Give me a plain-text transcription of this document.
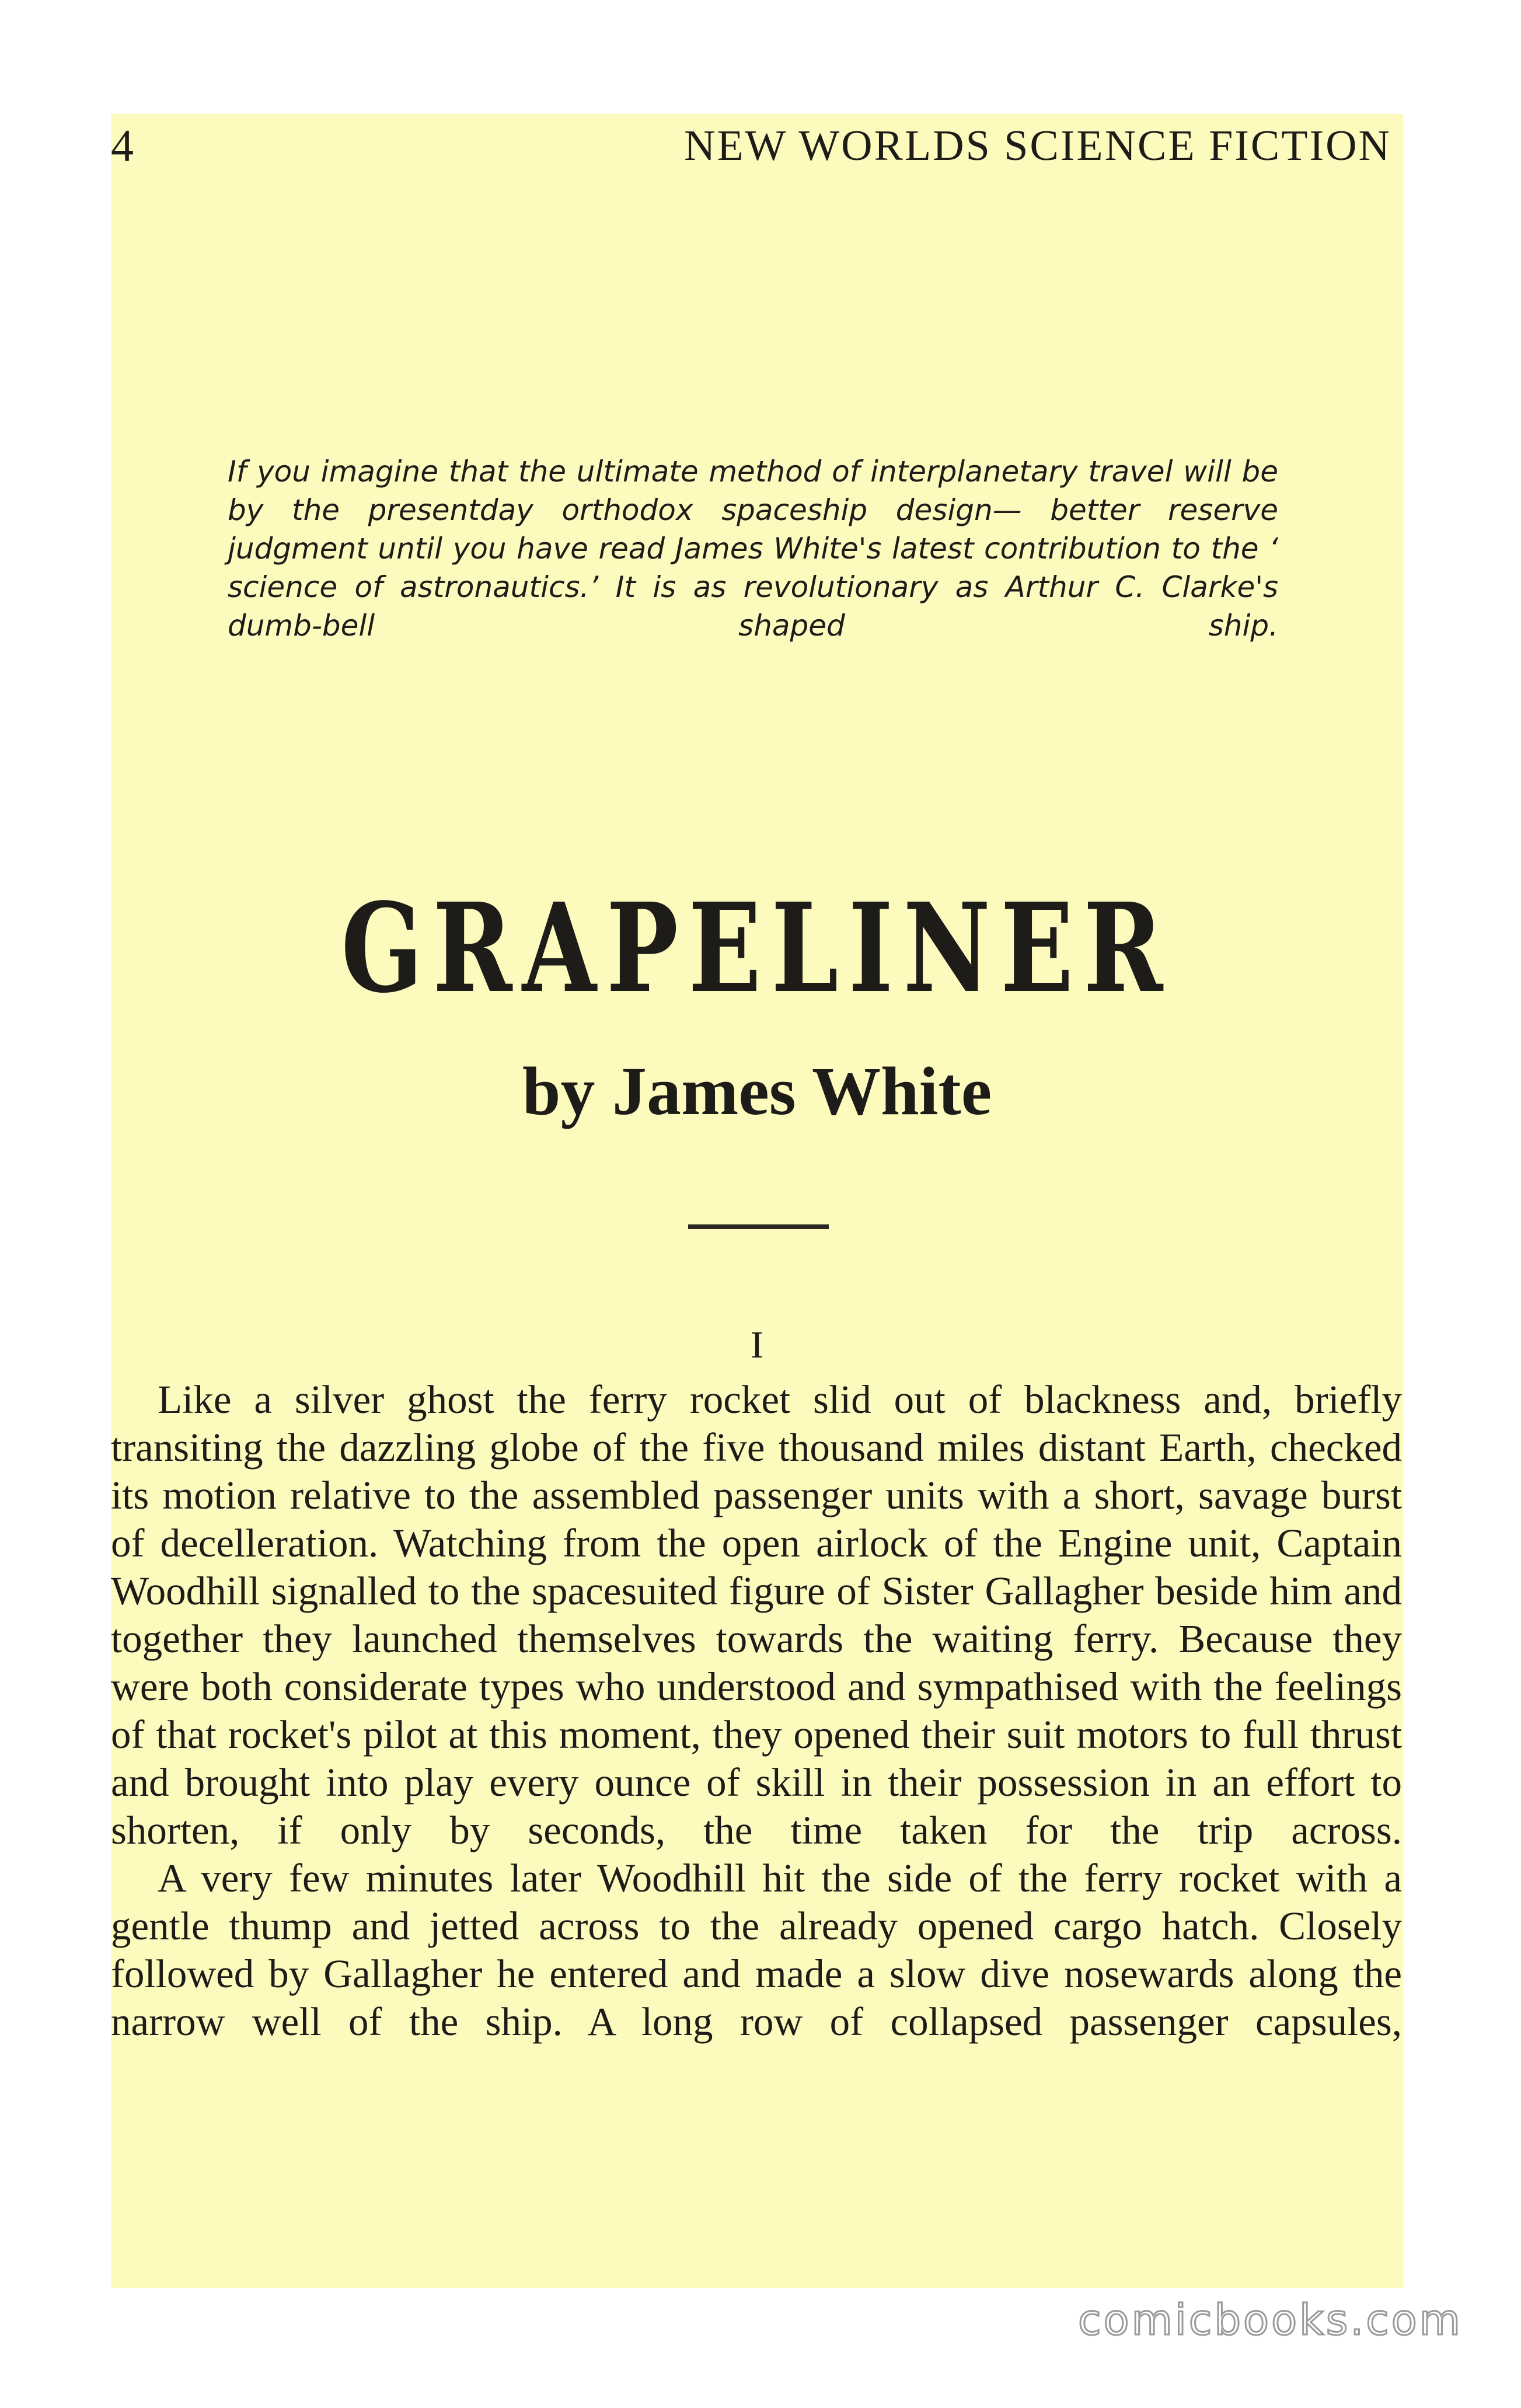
4	NEW WORLDS SCIENCE FICTION
If you imagine that the ultimate method of interplanetary travel will be by the presentday orthodox spaceship design— better reserve judgment until you have read James White's latest contribution to the ‘ science of astronautics.’ It is as revolutionary as Arthur C. Clarke's dumb-bell shaped ship.
GRAPELINER
by James White
I

Like a silver ghost the ferry rocket slid out of blackness and, briefly transiting the dazzling globe of the five thousand miles distant Earth, checked its motion relative to the assembled passenger units with a short, savage burst of decelleration. Watching from the open airlock of the Engine unit, Captain Woodhill signalled to the spacesuited figure of Sister Gallagher beside him and together they launched themselves towards the waiting ferry. Because they were both considerate types who understood and sympathised with the feelings of that rocket's pilot at this moment, they opened their suit motors to full thrust and brought into play every ounce of skill in their possession in an effort to shorten, if only by seconds, the time taken for the trip across.

A very few minutes later Woodhill hit the side of the ferry rocket with a gentle thump and jetted across to the already opened cargo hatch. Closely followed by Gallagher he entered and made a slow dive nosewards along the narrow well of the ship. A long row of collapsed passenger capsules,

comicbooks.com
